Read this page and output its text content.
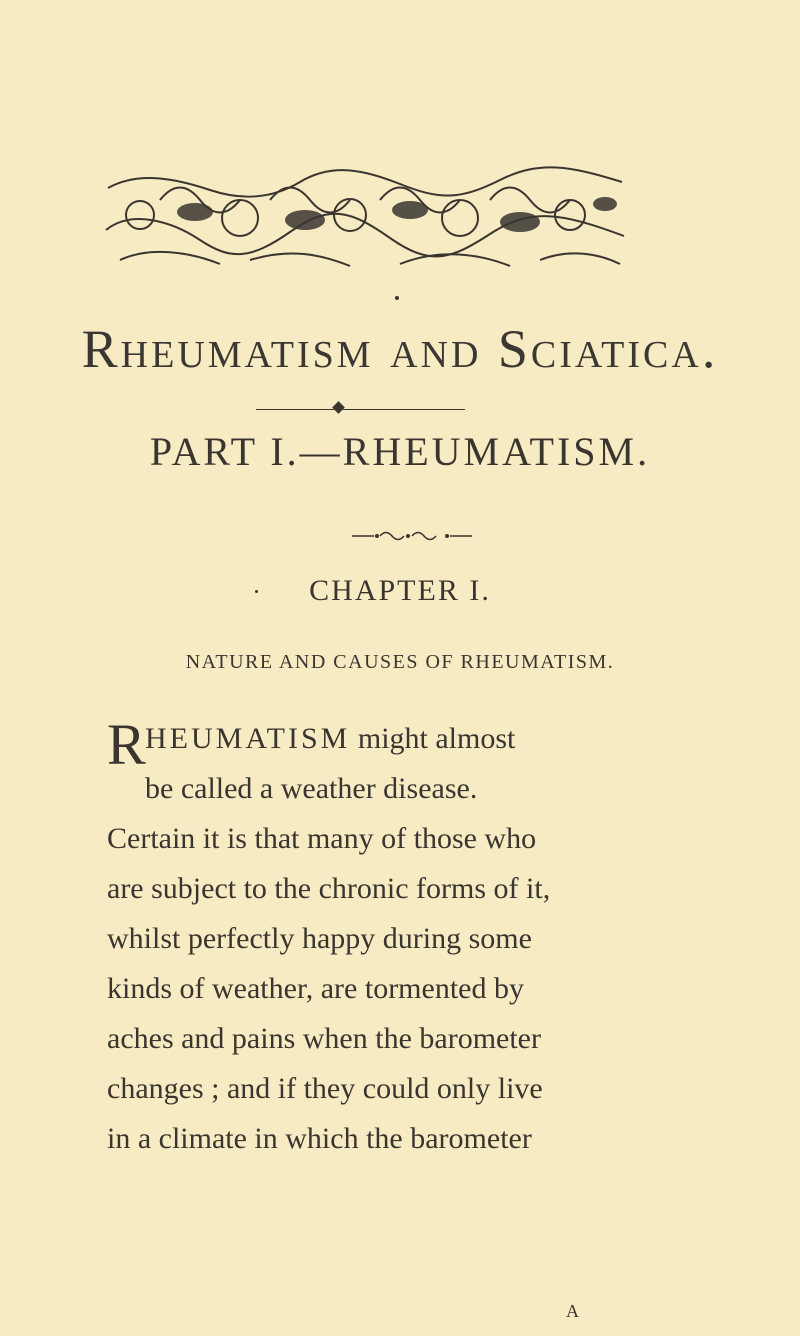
Rheumatism and Sciatica.
PART I.—RHEUMATISM.
CHAPTER I.
NATURE AND CAUSES OF RHEUMATISM.
R HEUMATISM might almost
be called a weather disease.
Certain it is that many of those who
are subject to the chronic forms of it,
whilst perfectly happy during some
kinds of weather, are tormented by
aches and pains when the barometer
changes ; and if they could only live
in a climate in which the barometer
A
